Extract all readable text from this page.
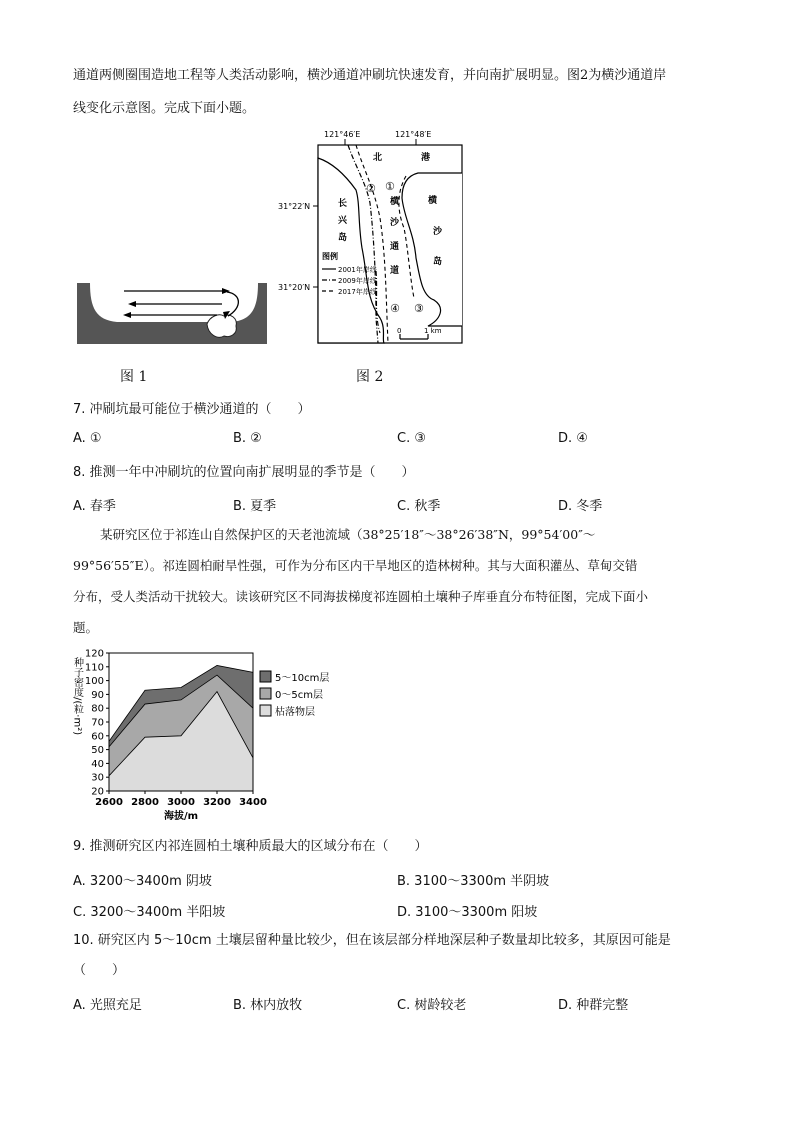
通道两侧圈围造地工程等人类活动影响，横沙通道冲刷坑快速发育，并向南扩展明显。图2为横沙通道岸
线变化示意图。完成下面小题。
图 1
121°46′E	121°48′E
31°22′N
31°20′N
北	港
长
兴
岛
横
沙
岛
横
沙
通
道
①
②
③
④
图例
2001年岸线
2009年岸线
2017年岸线
0	1 km
图 2
7. 冲刷坑最可能位于横沙通道的（　　）
A. ①	B. ②	C. ③	D. ④
8. 推测一年中冲刷坑的位置向南扩展明显的季节是（　　）
A. 春季	B. 夏季	C. 秋季	D. 冬季
某研究区位于祁连山自然保护区的天老池流域（38°25′18″～38°26′38″N，99°54′00″～
99°56′55″E）。祁连圆柏耐旱性强，可作为分布区内干旱地区的造林树种。其与大面积灌丛、草甸交错
分布，受人类活动干扰较大。读该研究区不同海拔梯度祁连圆柏土壤种子库垂直分布特征图，完成下面小
题。
20
30
40
50
60
70
80
90
100
110
120
2600 2800 3000 3200 3400
种子密度/(粒·m²)
海拔/m
5～10cm层
0～5cm层
枯落物层
9. 推测研究区内祁连圆柏土壤种质最大的区域分布在（　　）
A. 3200～3400m 阴坡	B. 3100～3300m 半阴坡
C. 3200～3400m 半阳坡	D. 3100～3300m 阳坡
10. 研究区内 5～10cm 土壤层留种量比较少，但在该层部分样地深层种子数量却比较多，其原因可能是
（　　）
A. 光照充足	B. 林内放牧	C. 树龄较老	D. 种群完整
